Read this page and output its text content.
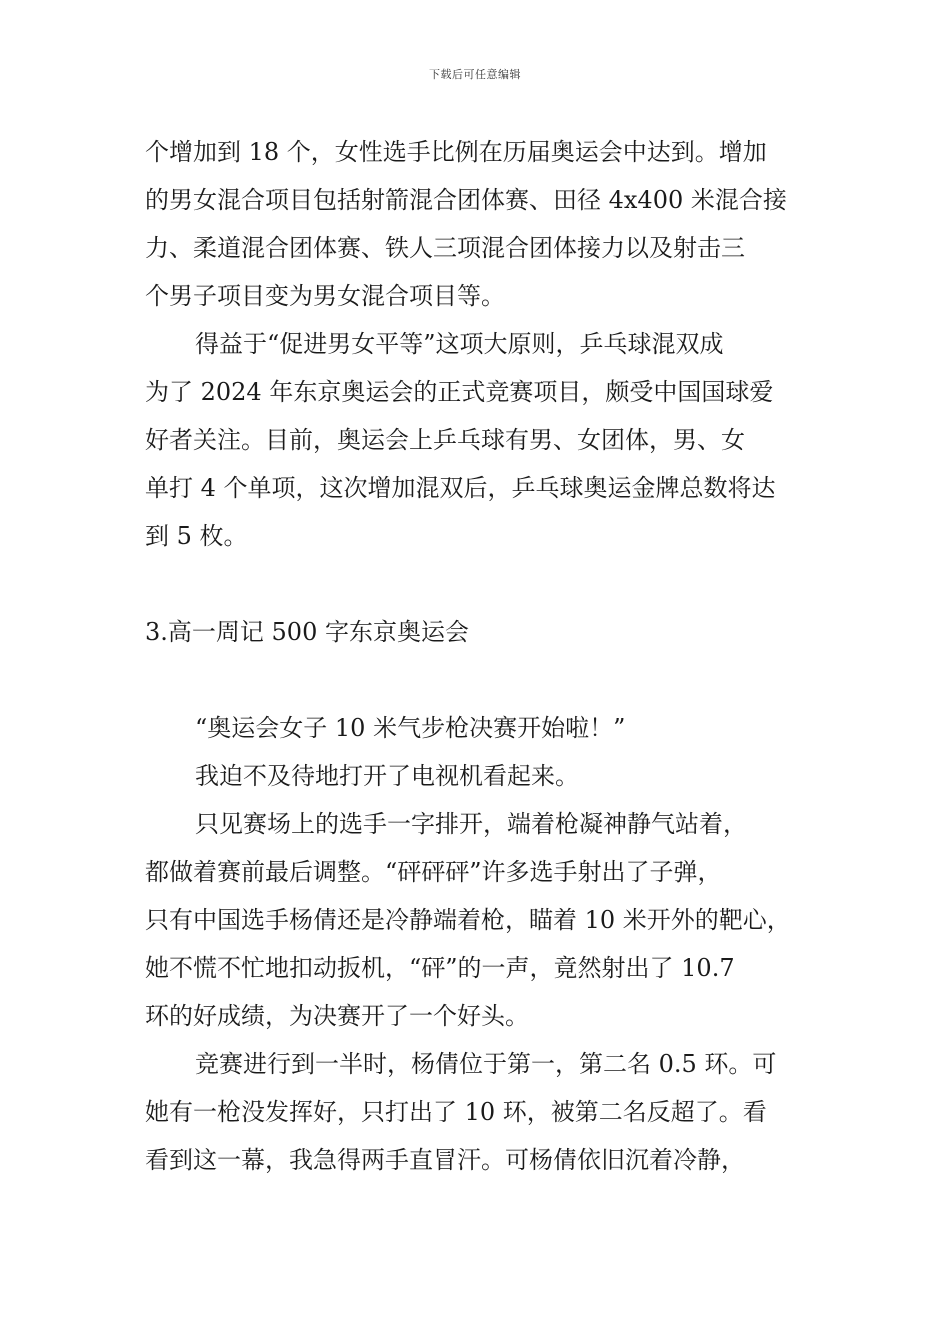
下载后可任意编辑
个增加到 18 个，女性选手比例在历届奥运会中达到。增加
的男女混合项目包括射箭混合团体赛、田径 4x400 米混合接
力、柔道混合团体赛、铁人三项混合团体接力以及射击三
个男子项目变为男女混合项目等。
得益于“促进男女平等”这项大原则，乒乓球混双成
为了 2024 年东京奥运会的正式竞赛项目，颇受中国国球爱
好者关注。目前，奥运会上乒乓球有男、女团体，男、女
单打 4 个单项，这次增加混双后，乒乓球奥运金牌总数将达
到 5 枚。
3.高一周记 500 字东京奥运会
“奥运会女子 10 米气步枪决赛开始啦！”
我迫不及待地打开了电视机看起来。
只见赛场上的选手一字排开，端着枪凝神静气站着，
都做着赛前最后调整。“砰砰砰”许多选手射出了子弹，
只有中国选手杨倩还是冷静端着枪，瞄着 10 米开外的靶心，
她不慌不忙地扣动扳机，“砰”的一声，竟然射出了 10.7
环的好成绩，为决赛开了一个好头。
竞赛进行到一半时，杨倩位于第一，第二名 0.5 环。可
她有一枪没发挥好，只打出了 10 环，被第二名反超了。看
看到这一幕，我急得两手直冒汗。可杨倩依旧沉着冷静，
